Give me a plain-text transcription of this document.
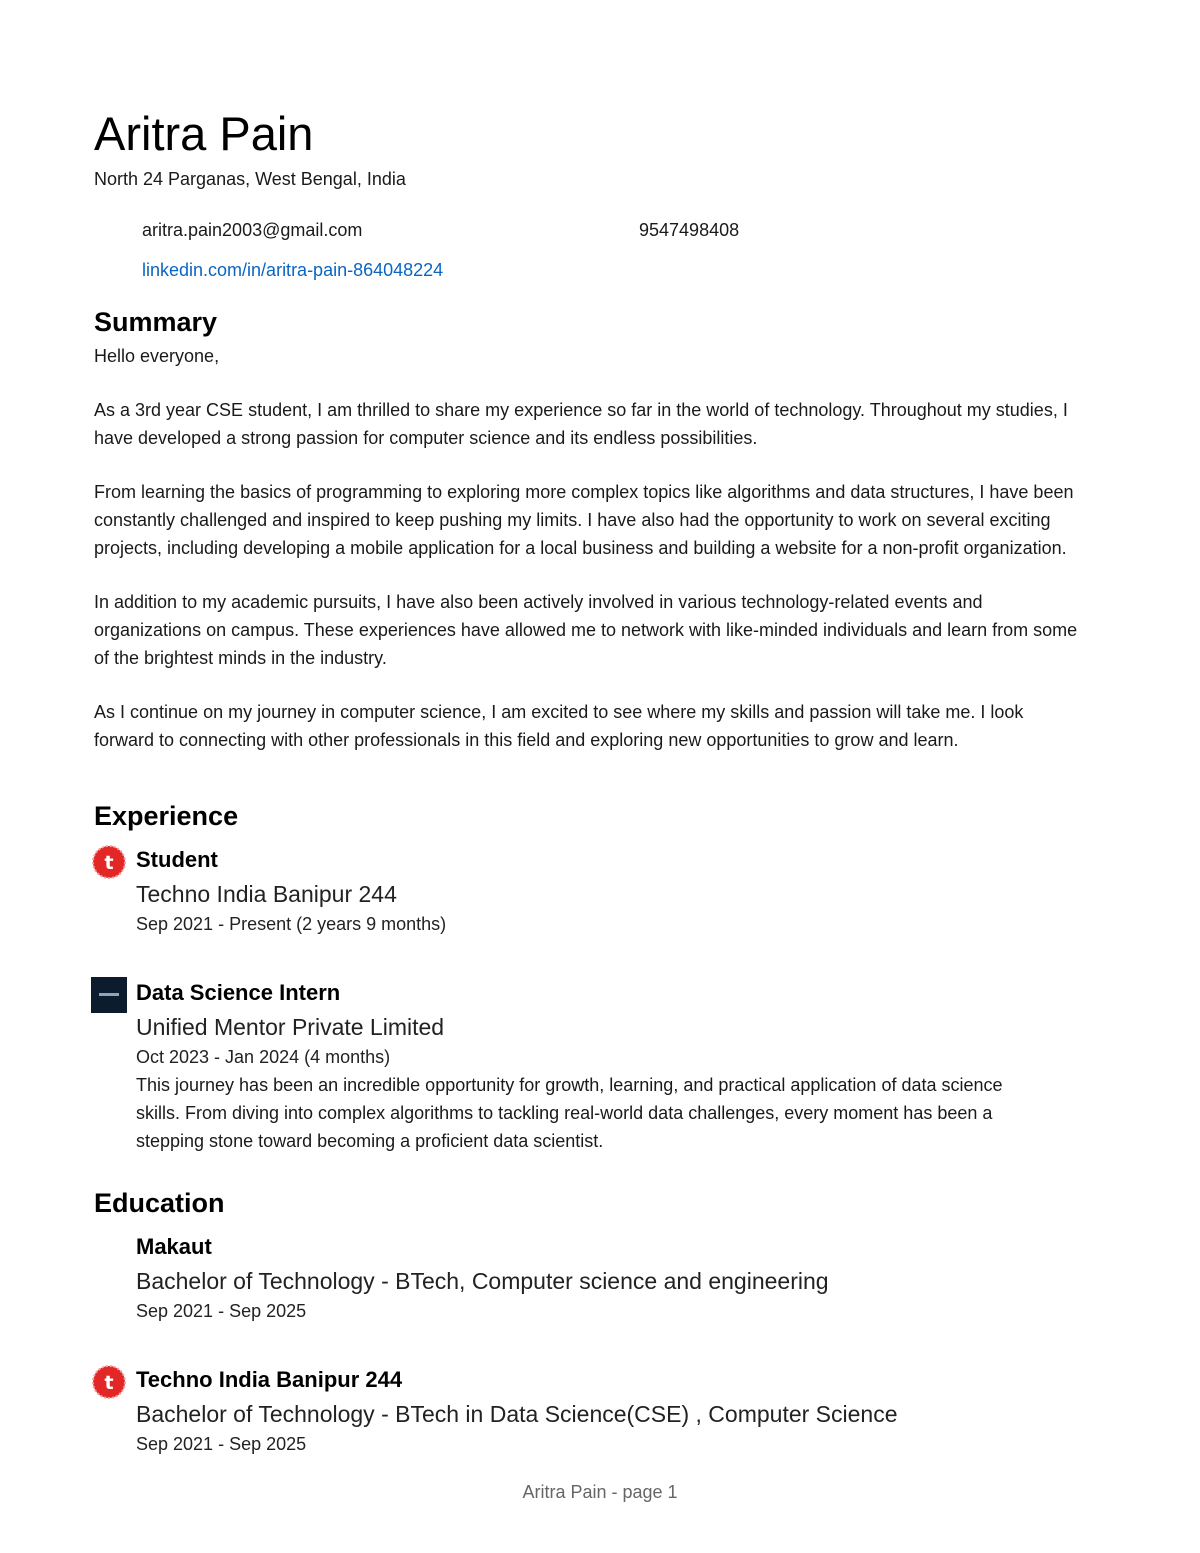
Aritra Pain
North 24 Parganas, West Bengal, India
aritra.pain2003@gmail.com	9547498408
linkedin.com/in/aritra-pain-864048224
Summary

Hello everyone,

As a 3rd year CSE student, I am thrilled to share my experience so far in the world of technology. Throughout my studies, I have developed a strong passion for computer science and its endless possibilities.

From learning the basics of programming to exploring more complex topics like algorithms and data structures, I have been constantly challenged and inspired to keep pushing my limits. I have also had the opportunity to work on several exciting projects, including developing a mobile application for a local business and building a website for a non-profit organization.

In addition to my academic pursuits, I have also been actively involved in various technology-related events and organizations on campus. These experiences have allowed me to network with like-minded individuals and learn from some of the brightest minds in the industry.

As I continue on my journey in computer science, I am excited to see where my skills and passion will take me. I look forward to connecting with other professionals in this field and exploring new opportunities to grow and learn.

Experience
t Student
Techno India Banipur 244
Sep 2021 - Present (2 years 9 months)
Data Science Intern
Unified Mentor Private Limited
Oct 2023 - Jan 2024 (4 months)
This journey has been an incredible opportunity for growth, learning, and practical application of data science skills. From diving into complex algorithms to tackling real-world data challenges, every moment has been a stepping stone toward becoming a proficient data scientist.
Education
Makaut
Bachelor of Technology - BTech, Computer science and engineering
Sep 2021 - Sep 2025
t Techno India Banipur 244
Bachelor of Technology - BTech in Data Science(CSE) , Computer Science
Sep 2021 - Sep 2025
Aritra Pain - page 1
